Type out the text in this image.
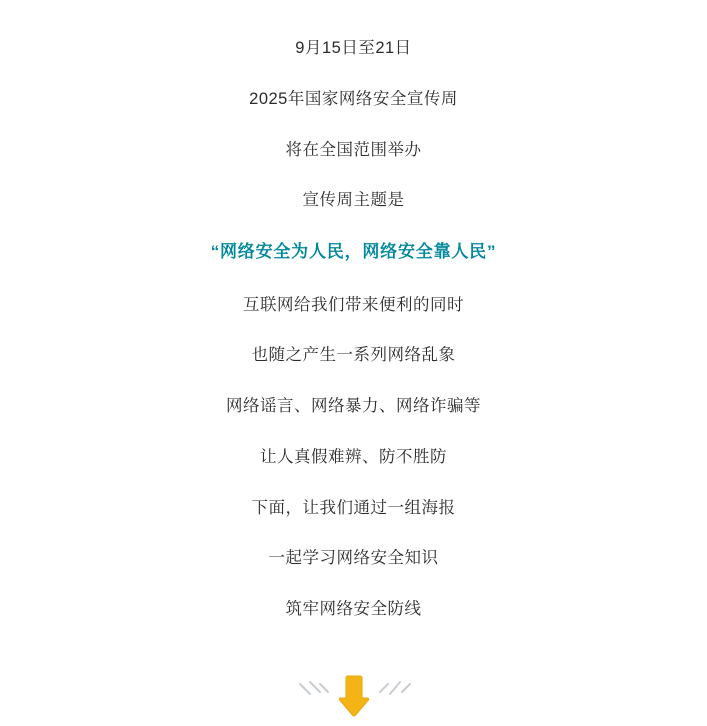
9月15日至21日
2025年国家网络安全宣传周
将在全国范围举办
宣传周主题是
“网络安全为人民，网络安全靠人民”
互联网给我们带来便利的同时
也随之产生一系列网络乱象
网络谣言、网络暴力、网络诈骗等
让人真假难辨、防不胜防
下面，让我们通过一组海报
一起学习网络安全知识
筑牢网络安全防线
